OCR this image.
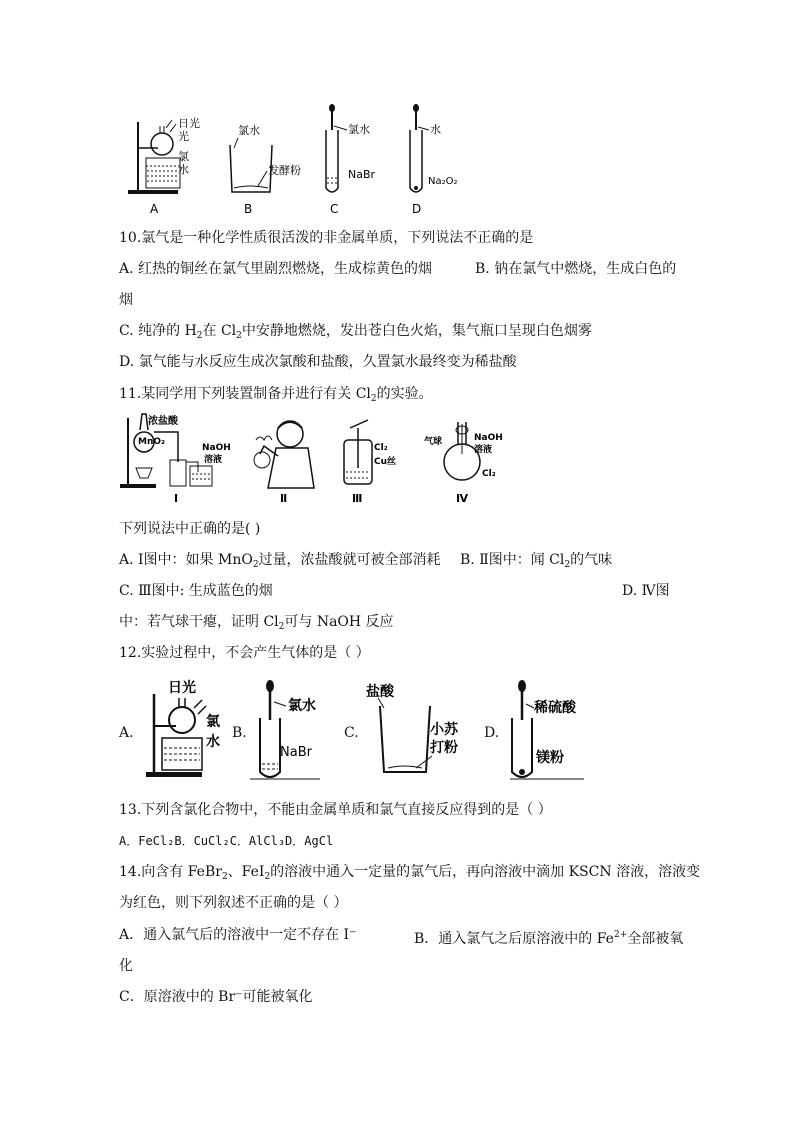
日光
光
氯
水
A
氯水
发酵粉
B
氯水
NaBr
C
水
Na₂O₂
D
10.氯气是一种化学性质很活泼的非金属单质，下列说法不正确的是
A. 红热的铜丝在氯气里剧烈燃烧，生成棕黄色的烟	B. 钠在氯气中燃烧，生成白色的
烟
C. 纯净的 $H_2$在 $Cl_2$中安静地燃烧，发出苍白色火焰，集气瓶口呈现白色烟雾
D. 氯气能与水反应生成次氯酸和盐酸，久置氯水最终变为稀盐酸
11.某同学用下列装置制备并进行有关 $Cl_2$的实验。
浓盐酸
MnO₂
NaOH
溶液
Ⅰ	Ⅱ
Cl₂
Cu丝
Ⅲ
气球	NaOH
溶液
Cl₂
Ⅳ
下列说法中正确的是( )
A. Ⅰ图中：如果 MnO$_2$过量，浓盐酸就可被全部消耗 B. Ⅱ图中：闻 $Cl_2$的气味
C. Ⅲ图中: 生成蓝色的烟	D. Ⅳ图
中：若气球干瘪，证明 $Cl_2$可与 NaOH 反应
12.实验过程中，不会产生气体的是（ ）
A.	B.	C.	D.
日光
氯
水
氯水
NaBr
盐酸
小苏
打粉
稀硫酸
镁粉
13.下列含氯化合物中，不能由金属单质和氯气直接反应得到的是（ ）
A．FeCl₂B．CuCl₂C．AlCl₃D．AgCl
14.向含有 FeBr$_2$、FeI$_2$的溶液中通入一定量的氯气后，再向溶液中滴加 KSCN 溶液，溶液变
为红色，则下列叙述不正确的是（ ）
A．通入氯气后的溶液中一定不存在 I⁻	B．通入氯气之后原溶液中的 $Fe^{2+}$全部被氧
化
C．原溶液中的 Br⁻可能被氧化
